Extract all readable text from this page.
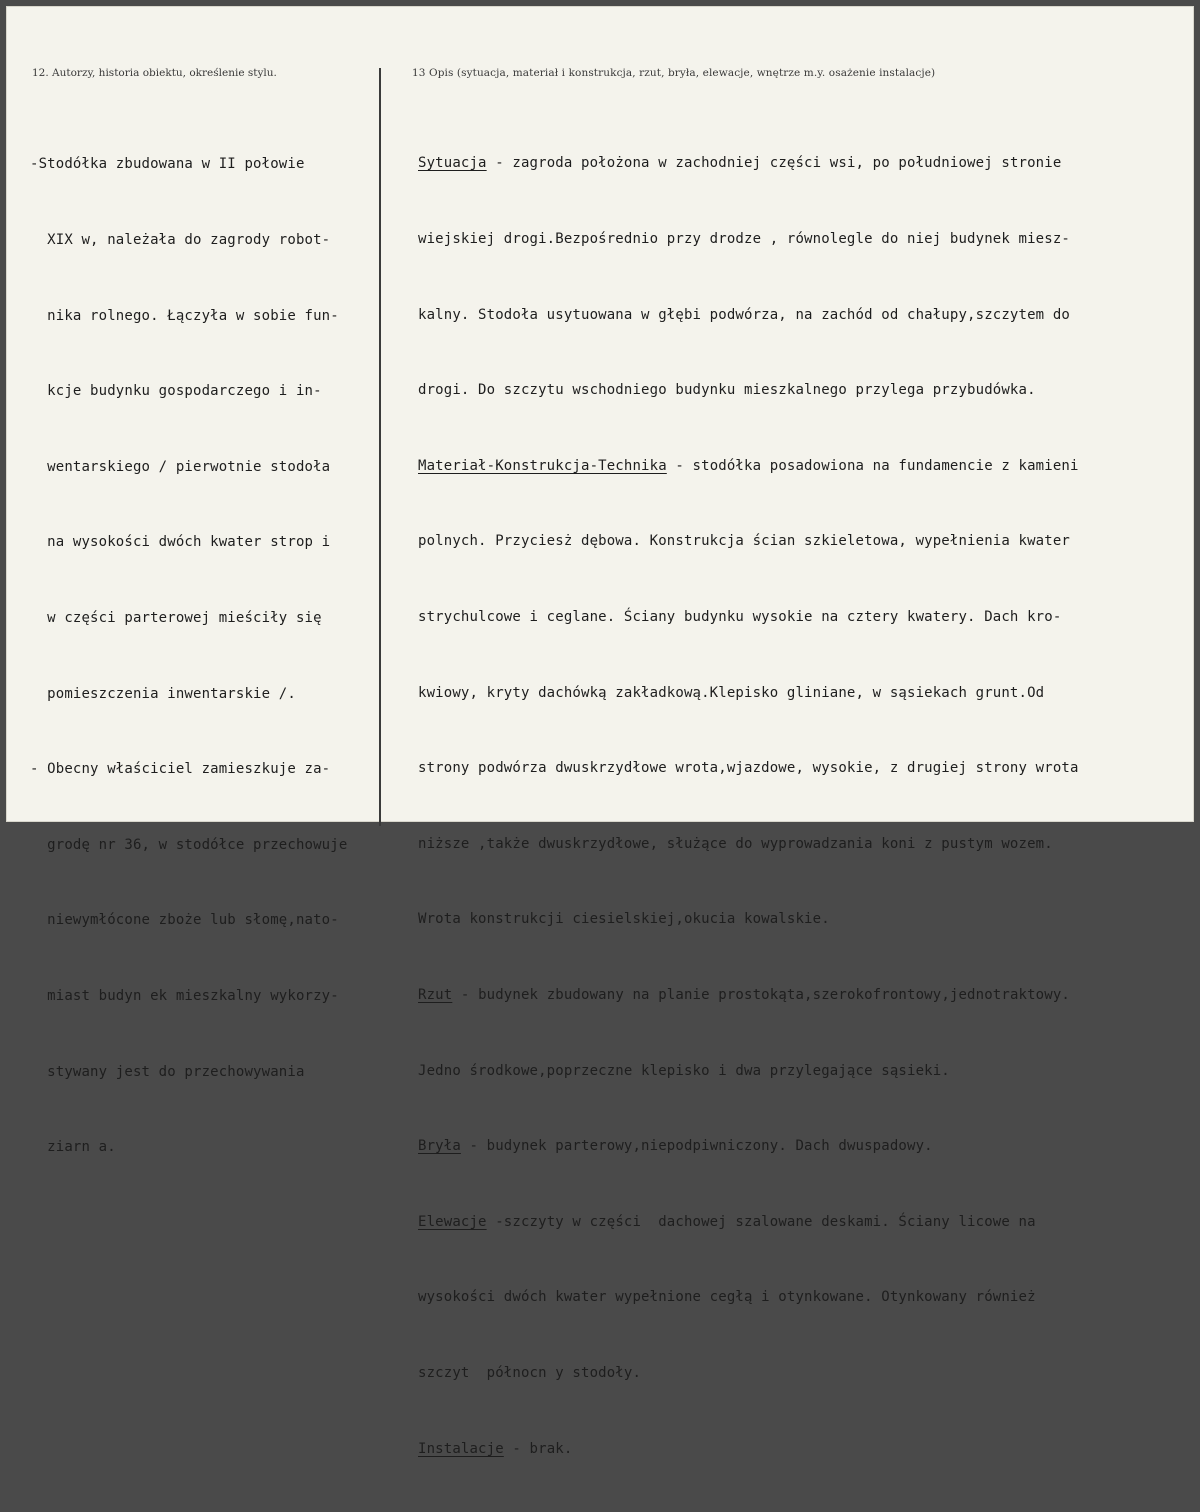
12. Autorzy, historia obiektu, określenie stylu.	13 Opis (sytuacja, materiał i konstrukcja, rzut, bryła, elewacje, wnętrze m.y. osażenie instalacje)

-Stodółka zbudowana w II połowie

XIX w, należała do zagrody robot-

nika rolnego. Łączyła w sobie fun-

kcje budynku gospodarczego i in-

wentarskiego / pierwotnie stodoła

na wysokości dwóch kwater strop i

w części parterowej mieściły się

pomieszczenia inwentarskie /.

- Obecny właściciel zamieszkuje za-

grodę nr 36, w stodółce przechowuje

niewymłócone zboże lub słomę,nato-

miast budyn ek mieszkalny wykorzy-

stywany jest do przechowywania

ziarn a.

Sytuacja - zagroda położona w zachodniej części wsi, po południowej stronie

wiejskiej drogi.Bezpośrednio przy drodze , równolegle do niej budynek miesz-

kalny. Stodoła usytuowana w głębi podwórza, na zachód od chałupy,szczytem do

drogi. Do szczytu wschodniego budynku mieszkalnego przylega przybudówka.

Materiał-Konstrukcja-Technika - stodółka posadowiona na fundamencie z kamieni

polnych. Przyciesż dębowa. Konstrukcja ścian szkieletowa, wypełnienia kwater

strychulcowe i ceglane. Ściany budynku wysokie na cztery kwatery. Dach kro-

kwiowy, kryty dachówką zakładkową.Klepisko gliniane, w sąsiekach grunt.Od

strony podwórza dwuskrzydłowe wrota,wjazdowe, wysokie, z drugiej strony wrota

niższe ,także dwuskrzydłowe, służące do wyprowadzania koni z pustym wozem.

Wrota konstrukcji ciesielskiej,okucia kowalskie.

Rzut - budynek zbudowany na planie prostokąta,szerokofrontowy,jednotraktowy.

Jedno środkowe,poprzeczne klepisko i dwa przylegające sąsieki.

Bryła - budynek parterowy,niepodpiwniczony. Dach dwuspadowy.

Elewacje -szczyty w części  dachowej szalowane deskami. Ściany licowe na

wysokości dwóch kwater wypełnione cegłą i otynkowane. Otynkowany również

szczyt  północn y stodoły.

Instalacje - brak.
